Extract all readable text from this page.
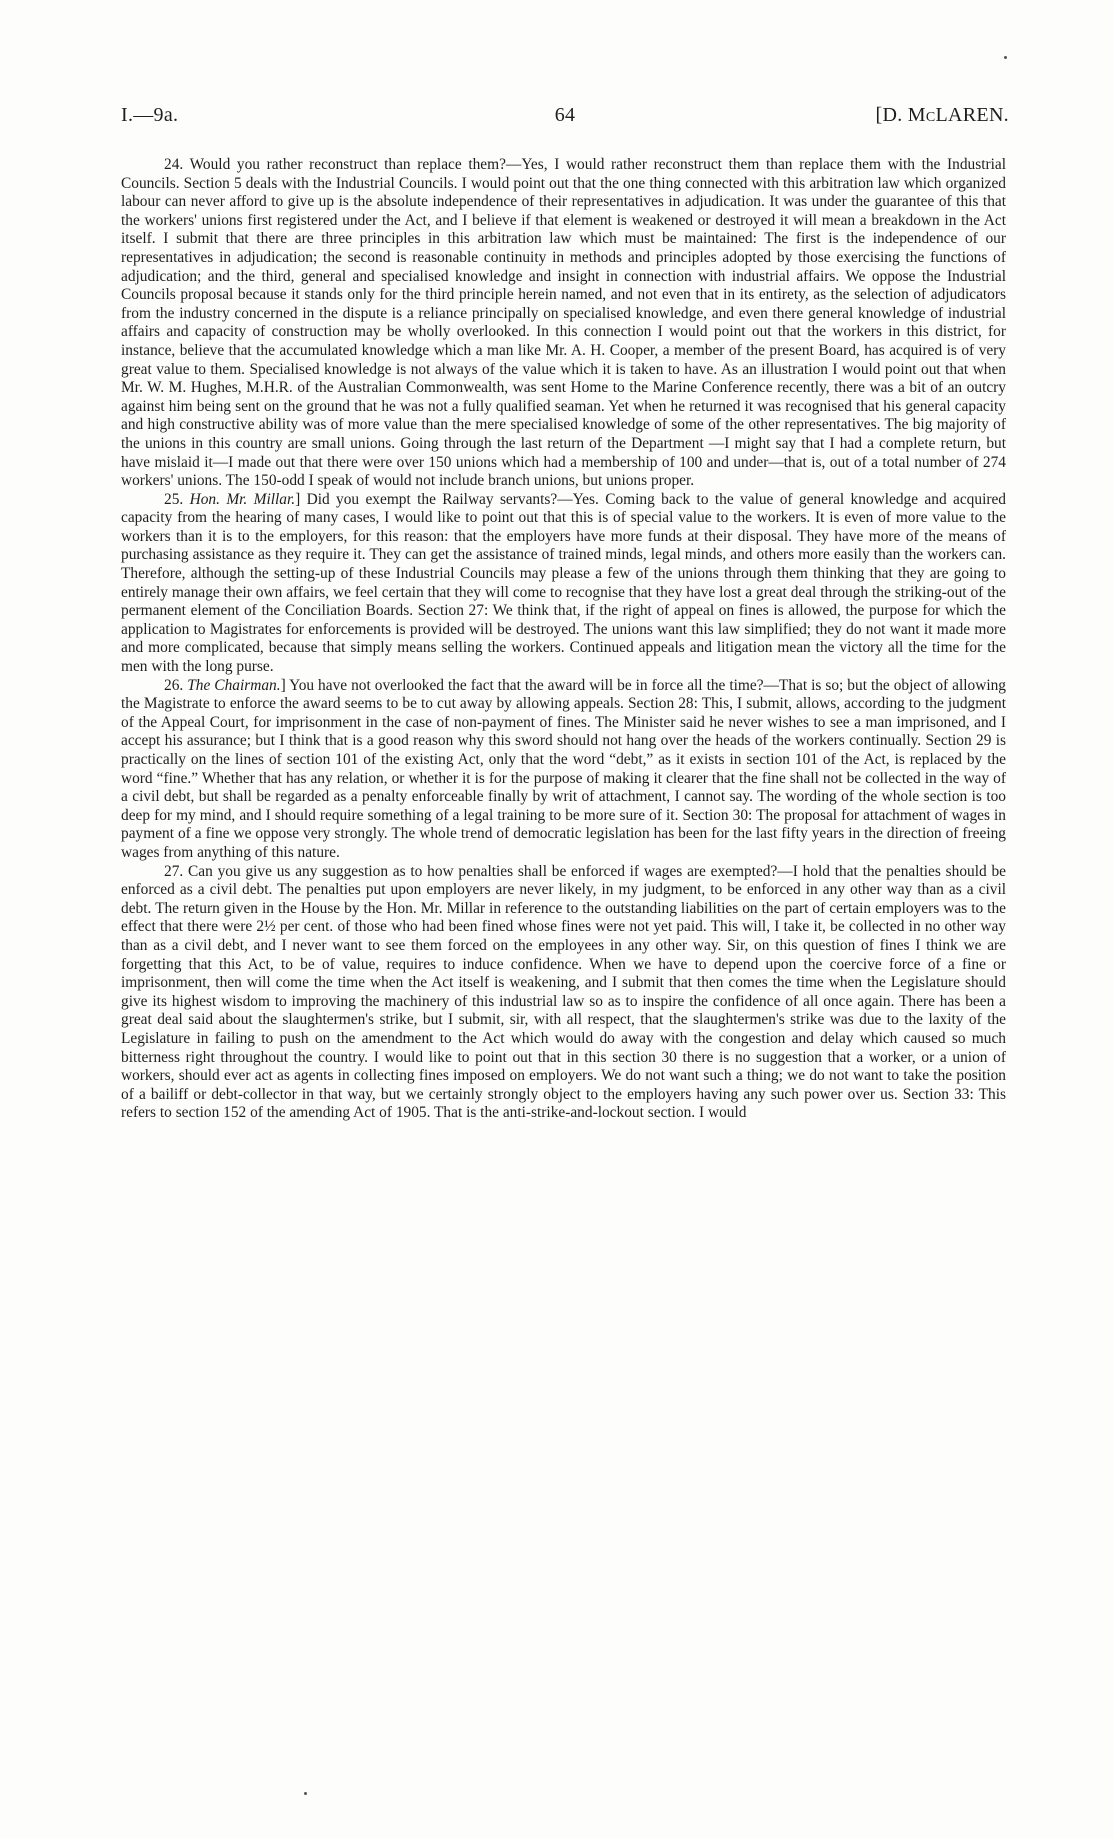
I.—9a.	64	[D. McLAREN.

24. Would you rather reconstruct than replace them?—Yes, I would rather reconstruct them than replace them with the Industrial Councils. Section 5 deals with the Industrial Councils. I would point out that the one thing connected with this arbitration law which organized labour can never afford to give up is the absolute independence of their representatives in adjudication. It was under the guarantee of this that the workers' unions first registered under the Act, and I believe if that element is weakened or destroyed it will mean a breakdown in the Act itself. I submit that there are three principles in this arbitration law which must be maintained: The first is the independence of our representatives in adjudication; the second is reasonable continuity in methods and principles adopted by those exercising the functions of adjudication; and the third, general and specialised knowledge and insight in connection with industrial affairs. We oppose the Industrial Councils proposal because it stands only for the third principle herein named, and not even that in its entirety, as the selection of adjudicators from the industry concerned in the dispute is a reliance principally on specialised knowledge, and even there general knowledge of industrial affairs and capacity of construction may be wholly overlooked. In this connection I would point out that the workers in this district, for instance, believe that the accumulated knowledge which a man like Mr. A. H. Cooper, a member of the present Board, has acquired is of very great value to them. Specialised knowledge is not always of the value which it is taken to have. As an illustration I would point out that when Mr. W. M. Hughes, M.H.R. of the Australian Commonwealth, was sent Home to the Marine Conference recently, there was a bit of an outcry against him being sent on the ground that he was not a fully qualified seaman. Yet when he returned it was recognised that his general capacity and high constructive ability was of more value than the mere specialised knowledge of some of the other representatives. The big majority of the unions in this country are small unions. Going through the last return of the Department —I might say that I had a complete return, but have mislaid it—I made out that there were over 150 unions which had a membership of 100 and under—that is, out of a total number of 274 workers' unions. The 150-odd I speak of would not include branch unions, but unions proper.

25. Hon. Mr. Millar.] Did you exempt the Railway servants?—Yes. Coming back to the value of general knowledge and acquired capacity from the hearing of many cases, I would like to point out that this is of special value to the workers. It is even of more value to the workers than it is to the employers, for this reason: that the employers have more funds at their disposal. They have more of the means of purchasing assistance as they require it. They can get the assistance of trained minds, legal minds, and others more easily than the workers can. Therefore, although the setting-up of these Industrial Councils may please a few of the unions through them thinking that they are going to entirely manage their own affairs, we feel certain that they will come to recognise that they have lost a great deal through the striking-out of the permanent element of the Conciliation Boards. Section 27: We think that, if the right of appeal on fines is allowed, the purpose for which the application to Magistrates for enforcements is provided will be destroyed. The unions want this law simplified; they do not want it made more and more complicated, because that simply means selling the workers. Continued appeals and litigation mean the victory all the time for the men with the long purse.

26. The Chairman.] You have not overlooked the fact that the award will be in force all the time?—That is so; but the object of allowing the Magistrate to enforce the award seems to be to cut away by allowing appeals. Section 28: This, I submit, allows, according to the judgment of the Appeal Court, for imprisonment in the case of non-payment of fines. The Minister said he never wishes to see a man imprisoned, and I accept his assurance; but I think that is a good reason why this sword should not hang over the heads of the workers continually. Section 29 is practically on the lines of section 101 of the existing Act, only that the word “debt,” as it exists in section 101 of the Act, is replaced by the word “fine.” Whether that has any relation, or whether it is for the purpose of making it clearer that the fine shall not be collected in the way of a civil debt, but shall be regarded as a penalty enforceable finally by writ of attachment, I cannot say. The wording of the whole section is too deep for my mind, and I should require something of a legal training to be more sure of it. Section 30: The proposal for attachment of wages in payment of a fine we oppose very strongly. The whole trend of democratic legislation has been for the last fifty years in the direction of freeing wages from anything of this nature.

27. Can you give us any suggestion as to how penalties shall be enforced if wages are exempted?—I hold that the penalties should be enforced as a civil debt. The penalties put upon employers are never likely, in my judgment, to be enforced in any other way than as a civil debt. The return given in the House by the Hon. Mr. Millar in reference to the outstanding liabilities on the part of certain employers was to the effect that there were 2½ per cent. of those who had been fined whose fines were not yet paid. This will, I take it, be collected in no other way than as a civil debt, and I never want to see them forced on the employees in any other way. Sir, on this question of fines I think we are forgetting that this Act, to be of value, requires to induce confidence. When we have to depend upon the coercive force of a fine or imprisonment, then will come the time when the Act itself is weakening, and I submit that then comes the time when the Legislature should give its highest wisdom to improving the machinery of this industrial law so as to inspire the confidence of all once again. There has been a great deal said about the slaughtermen's strike, but I submit, sir, with all respect, that the slaughtermen's strike was due to the laxity of the Legislature in failing to push on the amendment to the Act which would do away with the congestion and delay which caused so much bitterness right throughout the country. I would like to point out that in this section 30 there is no suggestion that a worker, or a union of workers, should ever act as agents in collecting fines imposed on employers. We do not want such a thing; we do not want to take the position of a bailiff or debt-collector in that way, but we certainly strongly object to the employers having any such power over us. Section 33: This refers to section 152 of the amending Act of 1905. That is the anti-strike-and-lockout section. I would
